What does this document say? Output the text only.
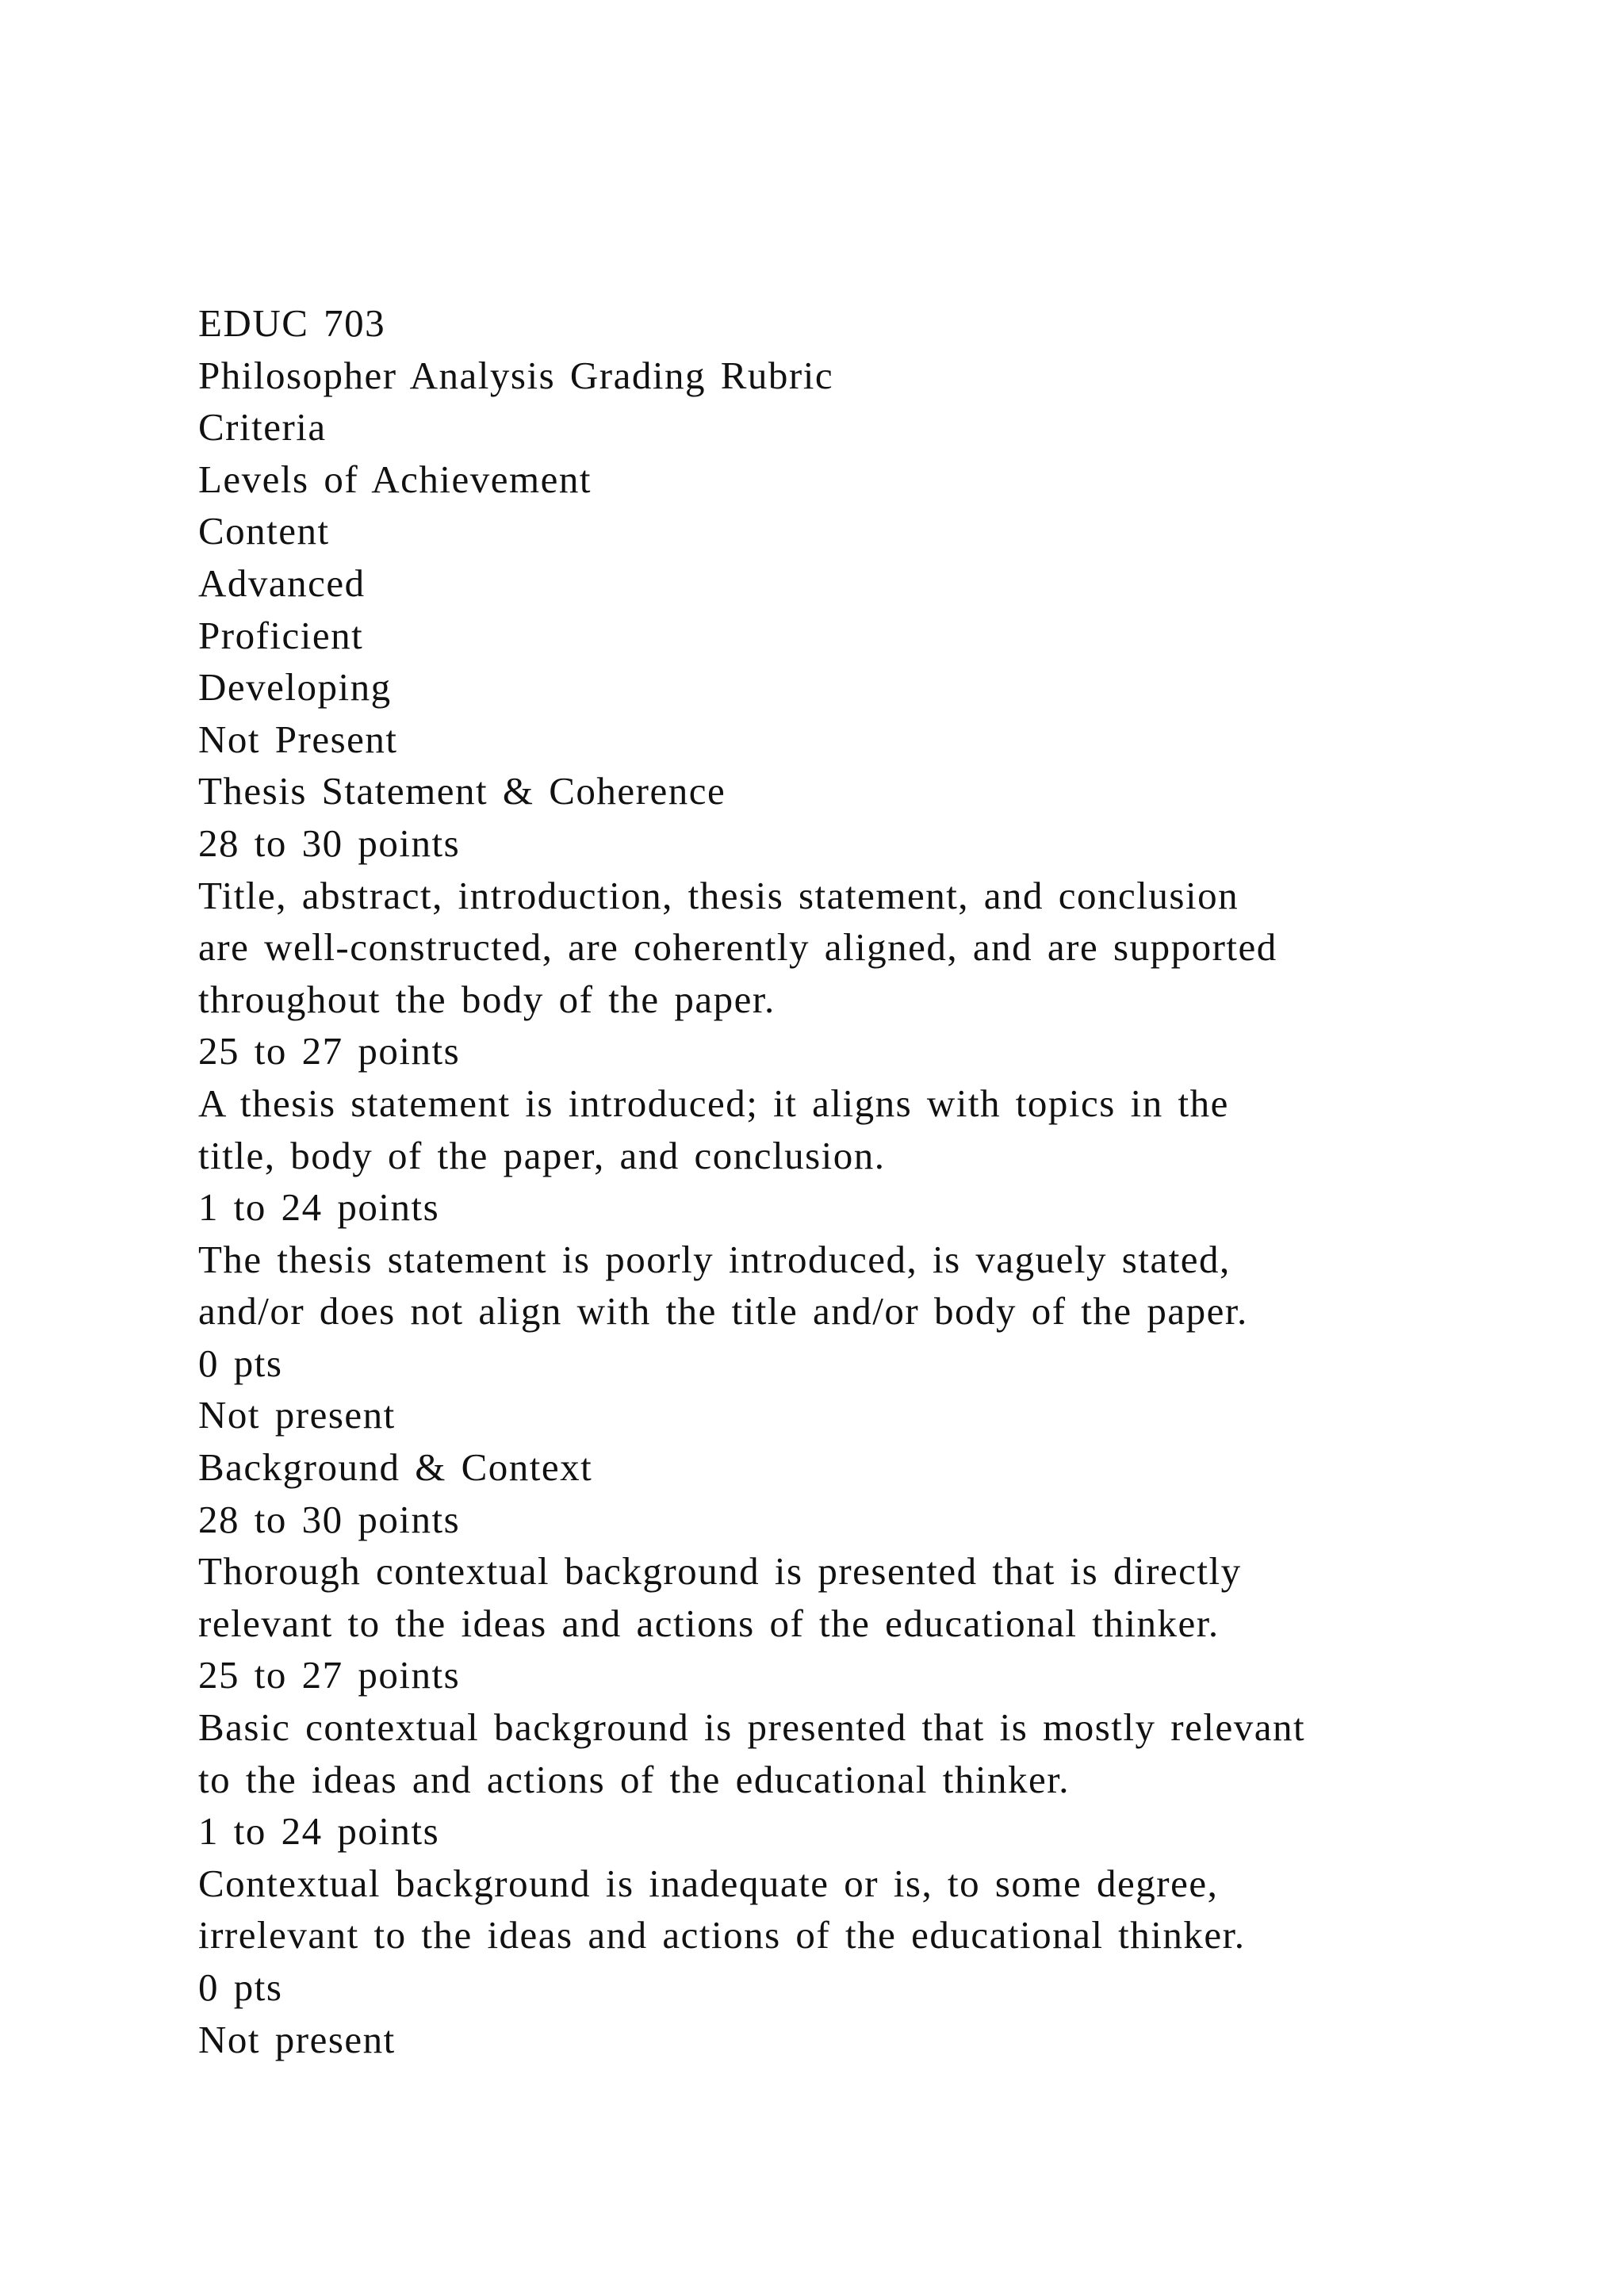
EDUC 703
Philosopher Analysis Grading Rubric
Criteria
Levels of Achievement
Content
Advanced
Proficient
Developing
Not Present
Thesis Statement & Coherence
28 to 30 points
Title, abstract, introduction, thesis statement, and conclusion
are well-constructed, are coherently aligned, and are supported
throughout the body of the paper.
25 to 27 points
A thesis statement is introduced; it aligns with topics in the
title, body of the paper, and conclusion.
1 to 24 points
The thesis statement is poorly introduced, is vaguely stated,
and/or does not align with the title and/or body of the paper.
0 pts
Not present
Background & Context
28 to 30 points
Thorough contextual background is presented that is directly
relevant to the ideas and actions of the educational thinker.
25 to 27 points
Basic contextual background is presented that is mostly relevant
to the ideas and actions of the educational thinker.
1 to 24 points
Contextual background is inadequate or is, to some degree,
irrelevant to the ideas and actions of the educational thinker.
0 pts
Not present
